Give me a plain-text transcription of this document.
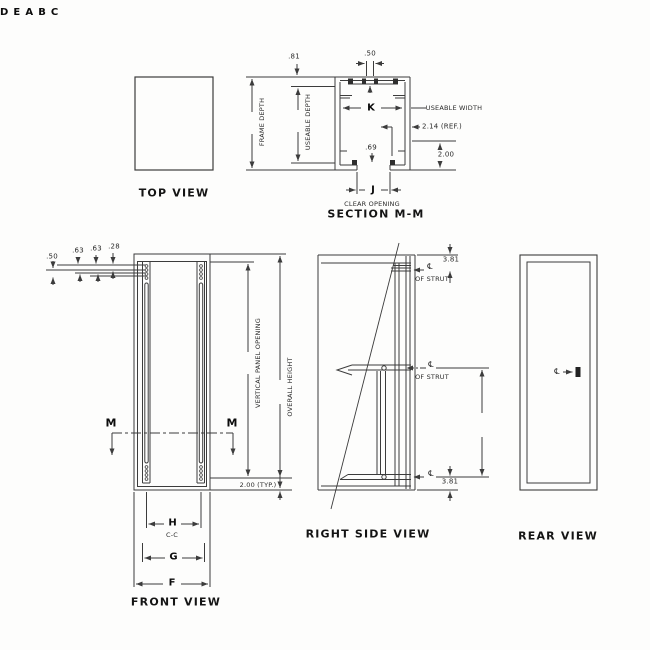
TOP VIEW
.81	.50
D
FRAME DEPTH
E
USEABLE DEPTH	K	USEABLE WIDTH
2.14 (REF.)
.69
2.00
J
CLEAR OPENING
SECTION M-M
.50
.63 .63 .28
M	M
A
VERTICAL PANEL OPENING
B
OVERALL HEIGHT
2.00 (TYP.)
H
C-C
G
F
FRONT VIEW
3.81
℄
OF STRUT
℄
OF STRUT
C
℄
3.81
RIGHT SIDE VIEW
℄
REAR VIEW
